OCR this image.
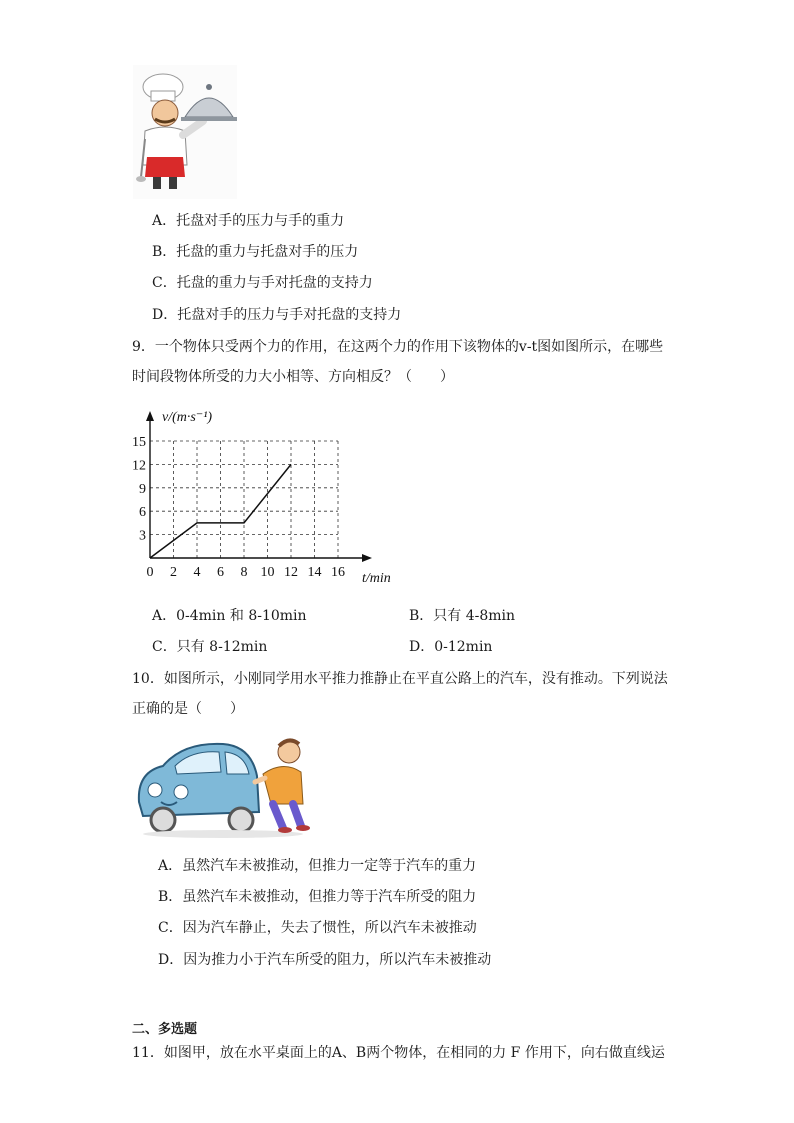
A．托盘对手的压力与手的重力
B．托盘的重力与托盘对手的压力
C．托盘的重力与手对托盘的支持力
D．托盘对手的压力与手对托盘的支持力
9．一个物体只受两个力的作用，在这两个力的作用下该物体的v-t图如图所示，在哪些
时间段物体所受的力大小相等、方向相反？（　　）
0 2 4 6 8 10 12 14 16
3
6
9
12
15
v/(m·s⁻¹)
t/min
A．0-4min 和 8-10min	B．只有 4-8min
C．只有 8-12min	D．0-12min
10．如图所示，小刚同学用水平推力推静止在平直公路上的汽车，没有推动。下列说法
正确的是（　　）
A．虽然汽车未被推动，但推力一定等于汽车的重力
B．虽然汽车未被推动，但推力等于汽车所受的阻力
C．因为汽车静止，失去了惯性，所以汽车未被推动
D．因为推力小于汽车所受的阻力，所以汽车未被推动
二、多选题
11．如图甲，放在水平桌面上的A、B两个物体，在相同的力 F 作用下，向右做直线运
